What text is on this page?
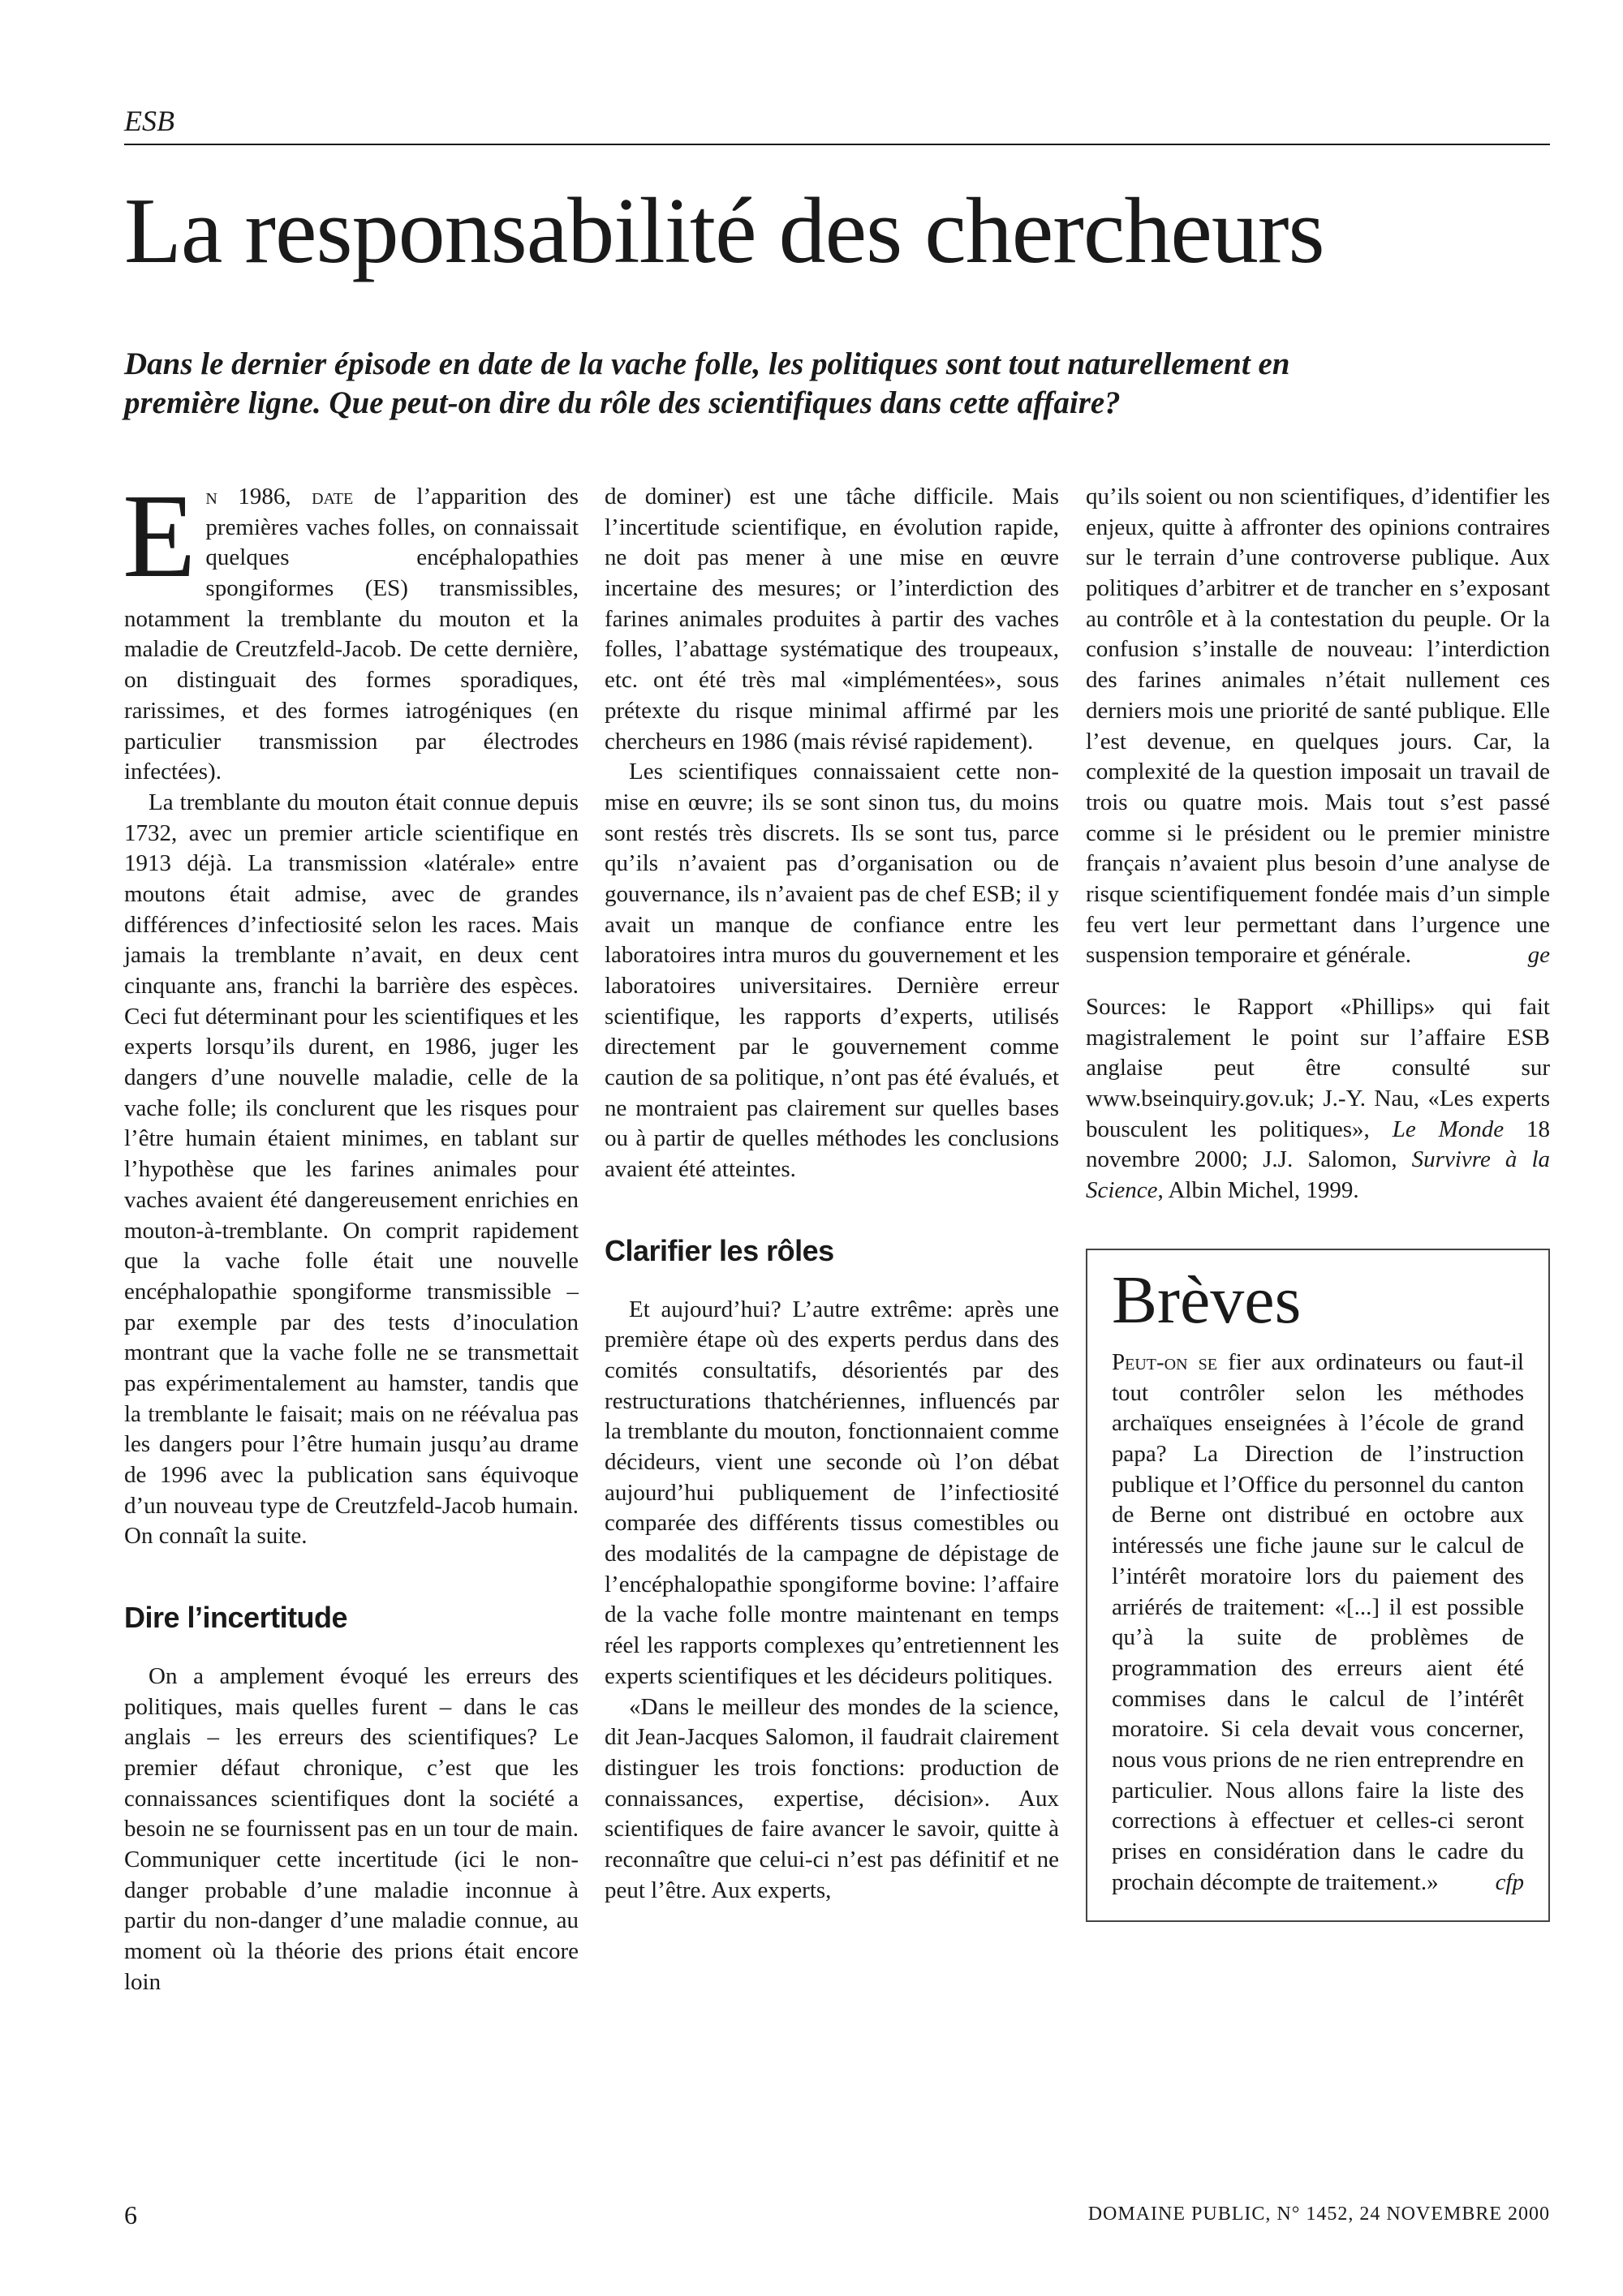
ESB
La responsabilité des chercheurs

Dans le dernier épisode en date de la vache folle, les politiques sont tout naturellement en première ligne. Que peut-on dire du rôle des scientifiques dans cette affaire?

En 1986, date de l’apparition des premières vaches folles, on connaissait quelques encéphalopathies spongiformes (ES) transmissibles, notamment la tremblante du mouton et la maladie de Creutzfeld-Jacob. De cette dernière, on distinguait des formes sporadiques, rarissimes, et des formes iatrogéniques (en particulier transmission par électrodes infectées).

La tremblante du mouton était connue depuis 1732, avec un premier article scientifique en 1913 déjà. La transmission «latérale» entre moutons était admise, avec de grandes différences d’infectiosité selon les races. Mais jamais la tremblante n’avait, en deux cent cinquante ans, franchi la barrière des espèces. Ceci fut déterminant pour les scientifiques et les experts lorsqu’ils durent, en 1986, juger les dangers d’une nouvelle maladie, celle de la vache folle; ils conclurent que les risques pour l’être humain étaient minimes, en tablant sur l’hypothèse que les farines animales pour vaches avaient été dangereusement enrichies en mouton-à-tremblante. On comprit rapidement que la vache folle était une nouvelle encéphalopathie spongiforme transmissible – par exemple par des tests d’inoculation montrant que la vache folle ne se transmettait pas expérimentalement au hamster, tandis que la tremblante le faisait; mais on ne réévalua pas les dangers pour l’être humain jusqu’au drame de 1996 avec la publication sans équivoque d’un nouveau type de Creutzfeld-Jacob humain. On connaît la suite.

Dire l’incertitude

On a amplement évoqué les erreurs des politiques, mais quelles furent – dans le cas anglais – les erreurs des scientifiques? Le premier défaut chronique, c’est que les connaissances scientifiques dont la société a besoin ne se fournissent pas en un tour de main. Communiquer cette incertitude (ici le non-danger probable d’une maladie inconnue à partir du non-danger d’une maladie connue, au moment où la théorie des prions était encore loin

de dominer) est une tâche difficile. Mais l’incertitude scientifique, en évolution rapide, ne doit pas mener à une mise en œuvre incertaine des mesures; or l’interdiction des farines animales produites à partir des vaches folles, l’abattage systématique des troupeaux, etc. ont été très mal «implémentées», sous prétexte du risque minimal affirmé par les chercheurs en 1986 (mais révisé rapidement).

Les scientifiques connaissaient cette non-mise en œuvre; ils se sont sinon tus, du moins sont restés très discrets. Ils se sont tus, parce qu’ils n’avaient pas d’organisation ou de gouvernance, ils n’avaient pas de chef ESB; il y avait un manque de confiance entre les laboratoires intra muros du gouvernement et les laboratoires universitaires. Dernière erreur scientifique, les rapports d’experts, utilisés directement par le gouvernement comme caution de sa politique, n’ont pas été évalués, et ne montraient pas clairement sur quelles bases ou à partir de quelles méthodes les conclusions avaient été atteintes.

Clarifier les rôles

Et aujourd’hui? L’autre extrême: après une première étape où des experts perdus dans des comités consultatifs, désorientés par des restructurations thatchériennes, influencés par la tremblante du mouton, fonctionnaient comme décideurs, vient une seconde où l’on débat aujourd’hui publiquement de l’infectiosité comparée des différents tissus comestibles ou des modalités de la campagne de dépistage de l’encéphalopathie spongiforme bovine: l’affaire de la vache folle montre maintenant en temps réel les rapports complexes qu’entretiennent les experts scientifiques et les décideurs politiques.

«Dans le meilleur des mondes de la science, dit Jean-Jacques Salomon, il faudrait clairement distinguer les trois fonctions: production de connaissances, expertise, décision». Aux scientifiques de faire avancer le savoir, quitte à reconnaître que celui-ci n’est pas définitif et ne peut l’être. Aux experts,

qu’ils soient ou non scientifiques, d’identifier les enjeux, quitte à affronter des opinions contraires sur le terrain d’une controverse publique. Aux politiques d’arbitrer et de trancher en s’exposant au contrôle et à la contestation du peuple. Or la confusion s’installe de nouveau: l’interdiction des farines animales n’était nullement ces derniers mois une priorité de santé publique. Elle l’est devenue, en quelques jours. Car, la complexité de la question imposait un travail de trois ou quatre mois. Mais tout s’est passé comme si le président ou le premier ministre français n’avaient plus besoin d’une analyse de risque scientifiquement fondée mais d’un simple feu vert leur permettant dans l’urgence une suspension temporaire et générale.	ge

Sources: le Rapport «Phillips» qui fait magistralement le point sur l’affaire ESB anglaise peut être consulté sur www.bseinquiry.gov.uk; J.-Y. Nau, «Les experts bousculent les politiques», Le Monde 18 novembre 2000; J.J. Salomon, Survivre à la Science, Albin Michel, 1999.

Brèves

Peut-on se fier aux ordinateurs ou faut-il tout contrôler selon les méthodes archaïques enseignées à l’école de grand papa? La Direction de l’instruction publique et l’Office du personnel du canton de Berne ont distribué en octobre aux intéressés une fiche jaune sur le calcul de l’intérêt moratoire lors du paiement des arriérés de traitement: «[...] il est possible qu’à la suite de problèmes de programmation des erreurs aient été commises dans le calcul de l’intérêt moratoire. Si cela devait vous concerner, nous vous prions de ne rien entreprendre en particulier. Nous allons faire la liste des corrections à effectuer et celles-ci seront prises en considération dans le cadre du prochain décompte de traitement.» cfp

6	DOMAINE PUBLIC, N° 1452, 24 NOVEMBRE 2000
